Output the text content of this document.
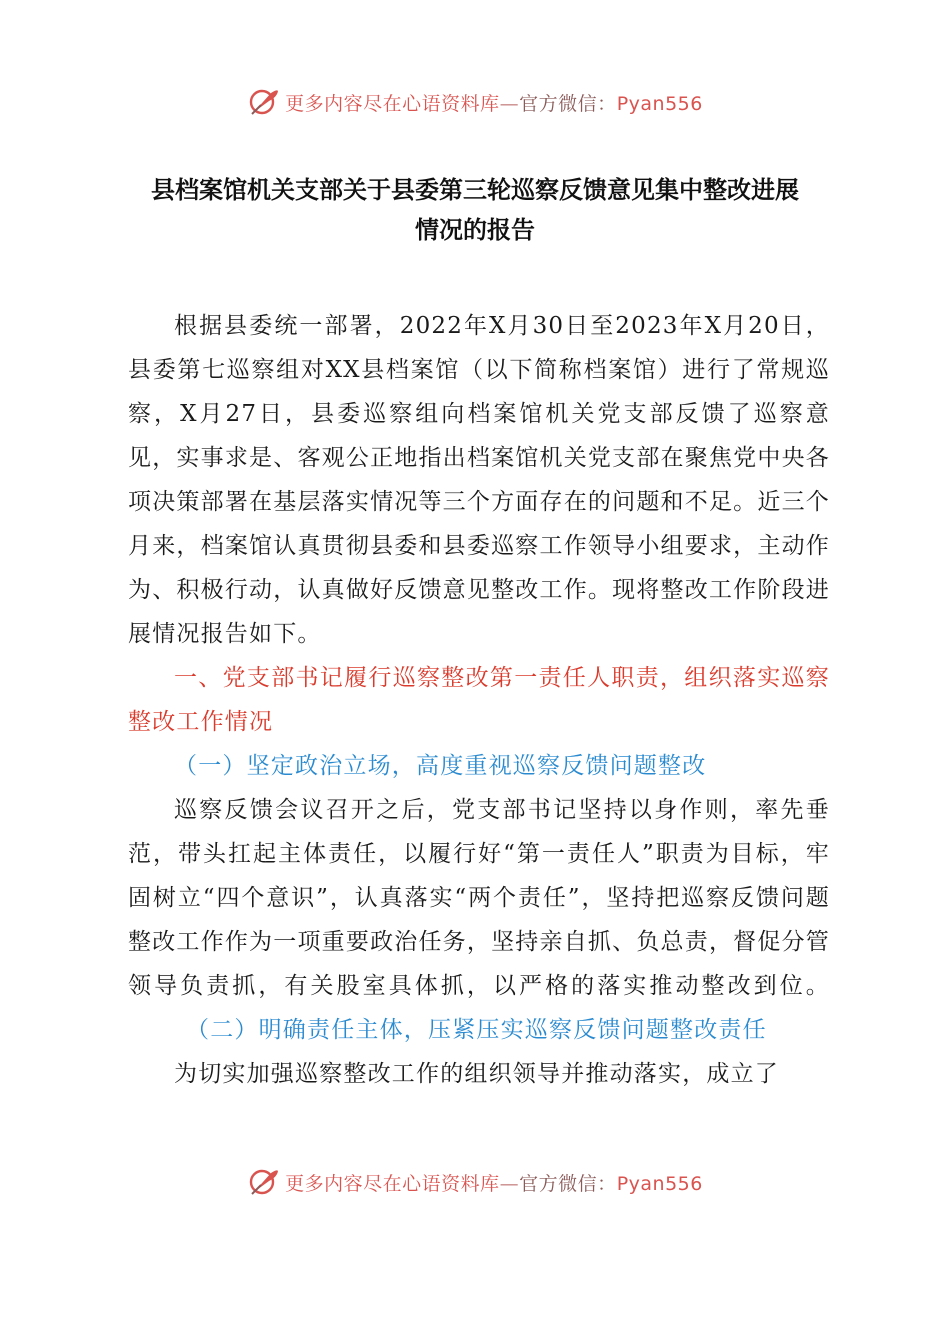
更多内容尽在心语资料库—官方微信：Pyan556
县档案馆机关支部关于县委第三轮巡察反馈意见集中整改进展
情况的报告

根据县委统一部署，2022年X月30日至2023年X月20日，县委第七巡察组对XX县档案馆（以下简称档案馆）进行了常规巡察，X月27日，县委巡察组向档案馆机关党支部反馈了巡察意见，实事求是、客观公正地指出档案馆机关党支部在聚焦党中央各项决策部署在基层落实情况等三个方面存在的问题和不足。近三个月来，档案馆认真贯彻县委和县委巡察工作领导小组要求，主动作为、积极行动，认真做好反馈意见整改工作。现将整改工作阶段进展情况报告如下。

一、党支部书记履行巡察整改第一责任人职责，组织落实巡察整改工作情况

（一）坚定政治立场，高度重视巡察反馈问题整改

巡察反馈会议召开之后，党支部书记坚持以身作则，率先垂范，带头扛起主体责任，以履行好“第一责任人”职责为目标，牢固树立“四个意识”，认真落实“两个责任”，坚持把巡察反馈问题整改工作作为一项重要政治任务，坚持亲自抓、负总责，督促分管领导负责抓，有关股室具体抓，以严格的落实推动整改到位。（二）明确责任主体，压紧压实巡察反馈问题整改责任

为切实加强巡察整改工作的组织领导并推动落实，成立了

更多内容尽在心语资料库—官方微信：Pyan556
